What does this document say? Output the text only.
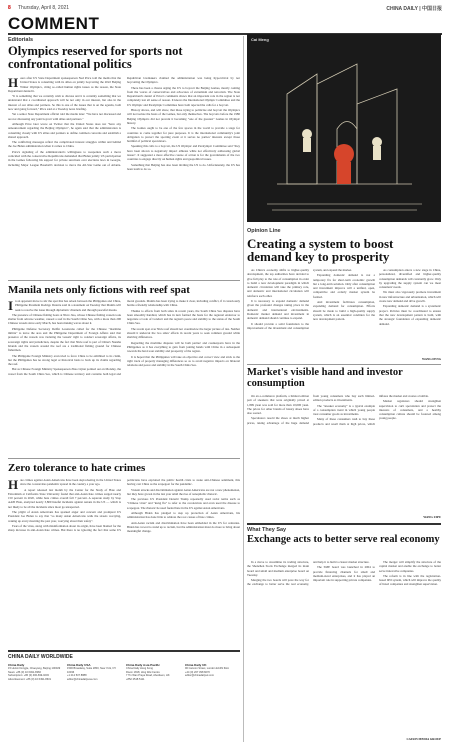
8 Thursday, April 8, 2021	CHINA DAILY | 中国日报
COMMENT
Editorials
Olympics reserved for sports not confrontational politics

Hours after US State Department spokesperson Ned Price told the media that the United States is consulting with its allies on jointly boycotting the 2022 Beijing Winter Olympics, citing so-called human rights issues as the reason, the State Department denied it.

"It is something that we certainly wish to discuss and it is certainly something that we understand that a coordinated approach will be not only in our interest, but also in the interest of our allies and partners. So this is one of the issues that is on the agenda, both now and going forward," Price said at a Tuesday news briefing.

Yet a senior State Department official told the media later: "We have not discussed and are not discussing any joint boycott with allies and partners."

Although Price later wrote on Twitter that the United States does not "have any announcement regarding the Beijing Olympics", he again said that the administration is consulting closely with US allies and partners to define common concerns and establish a shared approach.

The conflicting messages reflect the complicated interest struggles within and behind the Joe Biden administration when it comes to China.

Price's signaling of the administration's willingness to weaponize such a move coincided with the conservative Republicans demanded that Biden jointly US participation in the Games following his support for private sanctions over elections laws in Georgia, including Major League Baseball's decision to move the All-Star Game out of Atlanta. Republican lawmakers claimed the administration was being hypocritical by not boycotting the Olympics.

There has been a chorus urging the US to boycott the Beijing Games, mostly coming from the voices of conservatives and advocates of extremism and terrorism. The State Department's denial of Price's comments shows that an important role in the region is not completely lost all sense of reason. It knows the International Olympic Committee and the US Olympic and Paralympic Committee have both rejected the calls for a boycott.

History shows, and will show, that those trying to politicize and boycott the Olympics will not isolate the hosts of the Games, but only themselves. The boycotts before the 1980 Beijing Olympics did not prevent it becoming "one of the greatest" Games in Olympic history.

The Games ought to be one of the few spaces in the world to provide a stage for countries to come together for pure purposes. It is the international community's joint obligation to protect the sporting event at it serves no parties' interests except those harmful of political speculators.

Speaking this calls to a boycott, the US Olympic and Paralympic Committee said "they have been shown to negatively impact athletes while not effectively addressing global issues". It suggested a more effective course of action is for the governments of the two countries to engage directly on human rights and geopolitical issues.

Something that Beijing has also been inviting the US to do. Unfortunately, the US has been loath to do so.

Manila nets only fictions with reef spat

In an apparent move to stir the spat that has arisen between the Philippines and China, Philippine President Rodrigo Duterte said in a statement on Tuesday that Manila will seek to resolve the issue through diplomatic channels and through peaceful means.

The presence of Chinese fishing boats at Niu'e Jiao, whose Chinese fishing vessels took shelter from adverse weather, caused a reef in the South China Sea, with a more than 200 Chinese vessels since early March, has been making waves about it.

Philippine Defense Secretary Delfin Lorenzana called for the Chinese "maritime militia" to leave the area and the Philippine Department of Foreign Affairs said that presence of the vessels was violating the vessels' right to conduct sovereign affairs, its sovereign rights and jurisdiction, despite the fact that Niu'e reef is part of China's Nansha Islands and the vessels around the reef are a traditional fishing ground for Chinese fishermen.

The Philippine Foreign Ministry even tried to force China to be exhibited to its claim, but the Philippines has no strong legal or historical basis to back up its claims regarding the reef.

But as Chinese Foreign Ministry Spokesperson Zhao Lijian pointed out on Monday, the vessel from the South China Sea, which is Chinese territory and contains both legal and moral grounds. Manila has been trying to make it clear, including conflict, if it consciously harms a friendly relationship with China.

Thanks to efforts from both sides in recent years, the South China Sea disputes have been smoothly handled, which has in turn formed the basis for the regional endeavor to negotiate a Code of Conduct and the region's peace and stability to the status of the South China Sea.

The recent spat over Niu'e reef should not overshadow the larger picture of ties. Neither should it undercut the two sides' efforts in recent years to seek common ground while shelving differences.

Regarding the maritime disputes will be both parties' and counterparts have in the Philippines as it has everything to gain from joining hands with China in a subsequent towards the hard-won stability and prosperity of the region.

It is hoped that the Philippines will take an objective and correct view and stick to the right track of properly managing differences so as to avoid negative impacts on bilateral relations and peace and stability in the South China Sea.

Zero tolerance to hate crimes

Hate crimes against Asian Americans have been skyrocketing in the United States since the coronavirus pandemic spread in the country a year ago.

A report released last month by the Center for the Study of Hate and Extremism at California State University found that anti-Asian hate crimes surged nearly 150 percent in 2020, while hate crimes overall fell 7 percent. A separate study by Stop AAPI Hate, analyzed nearly 3,800 hateful incidents against Asians in the US — which is not likely to be all the incidents since most go unreported.

The plight of Asian Americans has sparked anger and concern and prompted US President Joe Biden to say that "so many Asian Americans walk the streets worrying, waking up every morning the past year, worrying about their safety".

Fears of the virus, along with misinformation about its origin, have been blamed for the sharp increase in anti-Asian hate crimes. But there is no ignoring the fact that some US politicians have exploited the public health crisis to stoke anti-Chinese sentiment, this having cast China as the scapegoat for the pandemic.

Violent attacks and discrimination against Asian Americans are not a new phenomenon, but they have grown in the last year amid the rise of xenophobic rhetoric.

The previous US President Donald Trump repeatedly used racist terms such as "Chinese virus" and "kung flu" to refer to the coronavirus and even used the disease to scapegoat. The rhetoric he used fueled hate in the US against Asian Americans.

Although Biden has pledged to step up protection of Asian Americans, his administration has done little to address the root causes of hate crimes.

Anti-Asian racism and discrimination have been embedded in the US for centuries. Biden has vowed to stand up to racism, but the administration must do more to bring about meaningful change.

CHINA DAILY WORLDWIDE
China Daily
15 Huixin Dongjie, Chaoyang, Beijing 100029
News: +86 (0) 10 6491-8366
Subscription: +86 (0) 400-699-0203
Advertisement: +86 (0) 10 6491-8631
China Daily USA
1500 Broadway, Suite 2800, New York, NY 10036
+1 212 537 8888
editor@chinadailyusa.com
China Daily Asia Pacific
China Daily Hong Kong
Room 1818, Hing Wai Centre
7 Tin Wan Praya Road, Aberdeen, HK
+852 2518 5111
China Daily UK
90 Cannon Street, London EC4N 6HA
+44 (0) 207 398 8270
editor@chinadailyuk.com
Cai Meng
Opinion Line
Creating a system to boost demand key to prosperity

As China's economy shifts to higher-quality development, the top authorities have decided to give full play to the role of consumption in order to build a new development paradigm in which domestic circulation will take the primary role, and domestic and international circulation will reinforce each other.

It is necessary to expand domestic demand given the profound changes taking place in the domestic and international environments. Domestic market demand and investment in domestic demand should continue to expand.

It should provide a solid foundation to the improvement of the investment and consumption system, and expand the market.

Expanding domestic demand is not a temporary fix for short-term economic growth but a long-term solution. Only after consumption and investment improve will a unified, open, competitive and orderly market system be formed.

And investment facilitates consumption, expanding demand for consumption. Efforts should be made to build a high-quality supply system, which is an essential condition for the new development pattern.

As consumption enters a new stage in China, personalized, diversified and higher-quality consumption demands will constantly grow. Only by upgrading the supply system can we meet consumers' needs.

We must also vigorously promote investment in new infrastructure and urbanization, which will create new demand and drive growth.

Expanding domestic demand is a systematic project. Policies must be coordinated to ensure that the new development pattern is built, with the strategic foundation of expanding domestic demand.

WANG FENG
Market's visible hand and investor consumption

On an e-commerce platform, a limited edition pair of sneakers that were originally priced at 1,899 yuan was sold for more than 10,000 yuan. The prices for other brands of luxury shoes have also soared.

Speculators resold the shoes at much higher prices, taking advantage of the huge demand from young consumers who buy such limited-edition products as investments.

The "sneaker economy" is a typical example of a consumption trend in which young people treat consumer goods as investments.

Many of these consumers rush to buy these products and resell them at high prices, which inflates the market and creates a bubble.

Market regulators should strengthen supervision to curb speculation and protect the interests of consumers, and a healthy consumption culture should be fostered among young people.

WANG ZIPU
What They Say
Exchange acts to better serve real economy

In a move to streamline its trading structure, the Shenzhen Stock Exchange merged its main board and small and medium enterprise board on Tuesday.

Merging the two boards will pave the way for the exchange to better serve the real economy, and help it to build a clearer market structure.

The SME board was launched in 2004 to provide financing channels for small and medium-sized enterprises, and it has played an important role in supporting private companies.

The merger will simplify the structure of the capital market and enable the exchange to better serve innovative companies.

The reform is in line with the registration-based IPO system, which will improve the quality of listed companies and strengthen supervision.

CAIXIN MEDIA GROUP
